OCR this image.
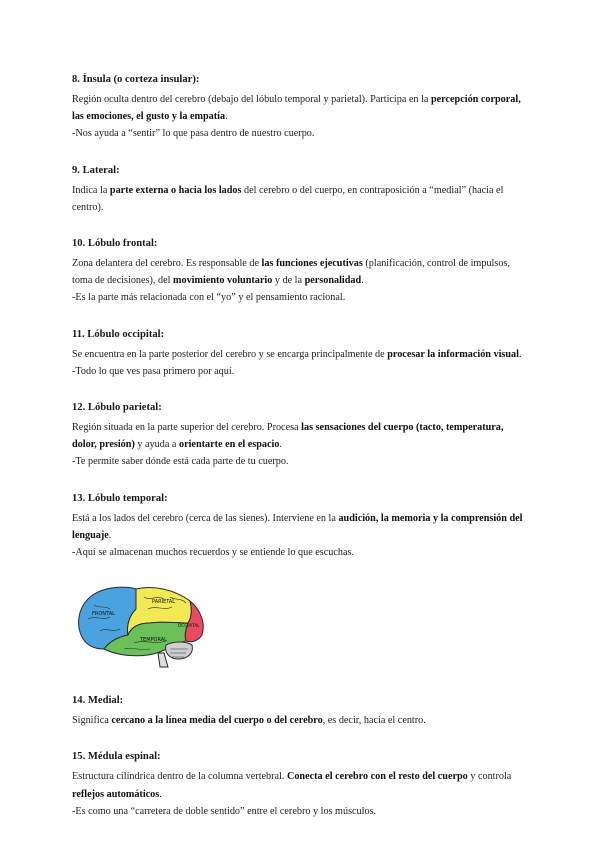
8. Ínsula (o corteza insular):

Región oculta dentro del cerebro (debajo del lóbulo temporal y parietal). Participa en la percepción corporal, las emociones, el gusto y la empatía.

-Nos ayuda a “sentir” lo que pasa dentro de nuestro cuerpo.

9. Lateral:

Indica la parte externa o hacia los lados del cerebro o del cuerpo, en contraposición a “medial” (hacia el centro).

10. Lóbulo frontal:

Zona delantera del cerebro. Es responsable de las funciones ejecutivas (planificación, control de impulsos, toma de decisiones), del movimiento voluntario y de la personalidad.

-Es la parte más relacionada con el “yo” y el pensamiento racional.

11. Lóbulo occipital:

Se encuentra en la parte posterior del cerebro y se encarga principalmente de procesar la información visual.

-Todo lo que ves pasa primero por aquí.

12. Lóbulo parietal:

Región situada en la parte superior del cerebro. Procesa las sensaciones del cuerpo (tacto, temperatura, dolor, presión) y ayuda a orientarte en el espacio.

-Te permite saber dónde está cada parte de tu cuerpo.

13. Lóbulo temporal:

Está a los lados del cerebro (cerca de las sienes). Interviene en la audición, la memoria y la comprensión del lenguaje.

-Aquí se almacenan muchos recuerdos y se entiende lo que escuchas.

FRONTAL
PARIETAL
OCCIPITAL
TEMPORAL
14. Medial:

Significa cercano a la línea media del cuerpo o del cerebro, es decir, hacia el centro.

15. Médula espinal:

Estructura cilíndrica dentro de la columna vertebral. Conecta el cerebro con el resto del cuerpo y controla reflejos automáticos.

-Es como una “carretera de doble sentido” entre el cerebro y los músculos.
